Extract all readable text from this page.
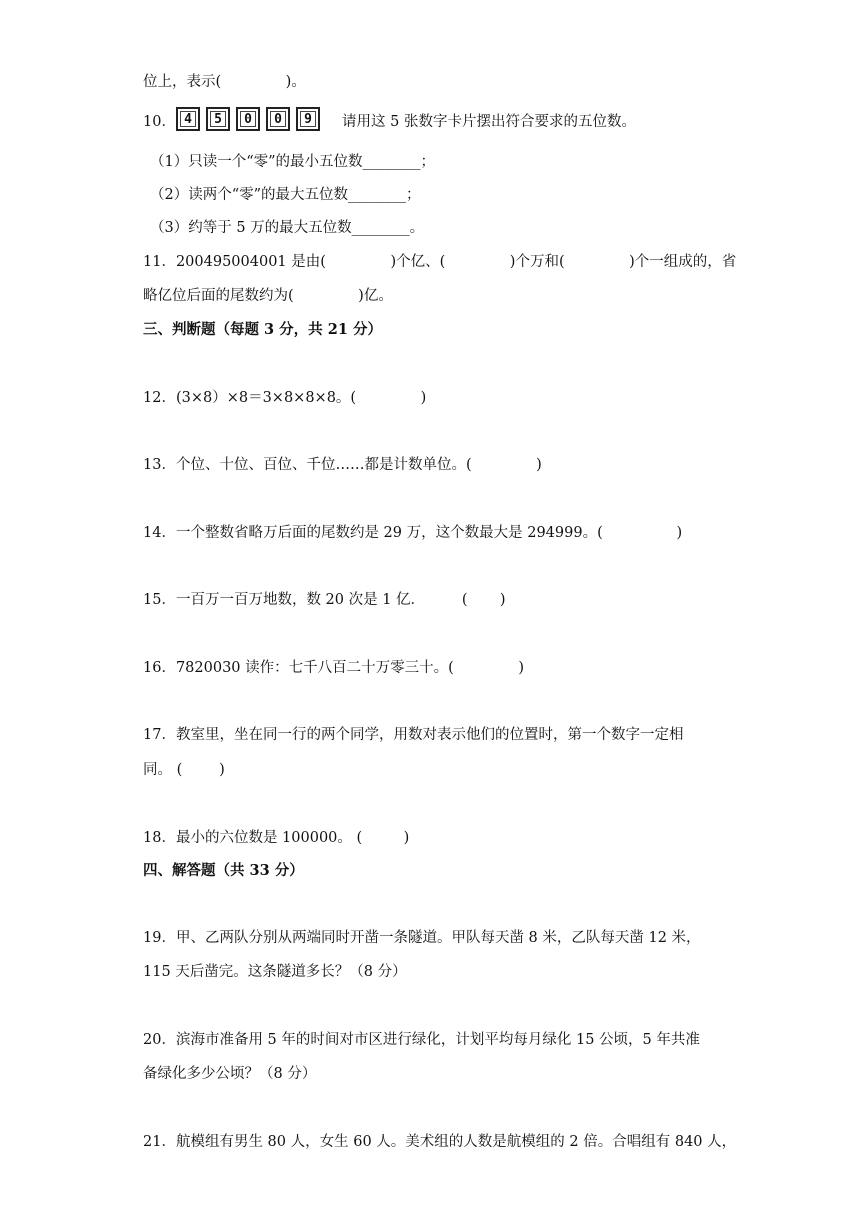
位上，表示(              )。
10． 4 5 0 0 9 请用这 5 张数字卡片摆出符合要求的五位数。
（1）只读一个“零”的最小五位数________；
（2）读两个“零”的最大五位数________；
（3）约等于 5 万的最大五位数________。
11．200495004001 是由(              )个亿、(              )个万和(              )个一组成的，省
略亿位后面的尾数约为(              )亿。
三、判断题（每题 3 分，共 21 分）
12．(3×8）×8＝3×8×8×8。(              )
13．个位、十位、百位、千位……都是计数单位。(              )
14．一个整数省略万后面的尾数约是 29 万，这个数最大是 294999。(                )
15．一百万一百万地数，数 20 次是 1 亿．        (       )
16．7820030 读作：七千八百二十万零三十。(              )
17．教室里，坐在同一行的两个同学，用数对表示他们的位置时，第一个数字一定相
同。 (        )
18．最小的六位数是 100000。 (         )
四、解答题（共 33 分）
19．甲、乙两队分别从两端同时开凿一条隧道。甲队每天凿 8 米，乙队每天凿 12 米，
115 天后凿完。这条隧道多长？（8 分）
20．滨海市准备用 5 年的时间对市区进行绿化，计划平均每月绿化 15 公顷，5 年共准
备绿化多少公顷？（8 分）
21．航模组有男生 80 人，女生 60 人。美术组的人数是航模组的 2 倍。合唱组有 840 人，
